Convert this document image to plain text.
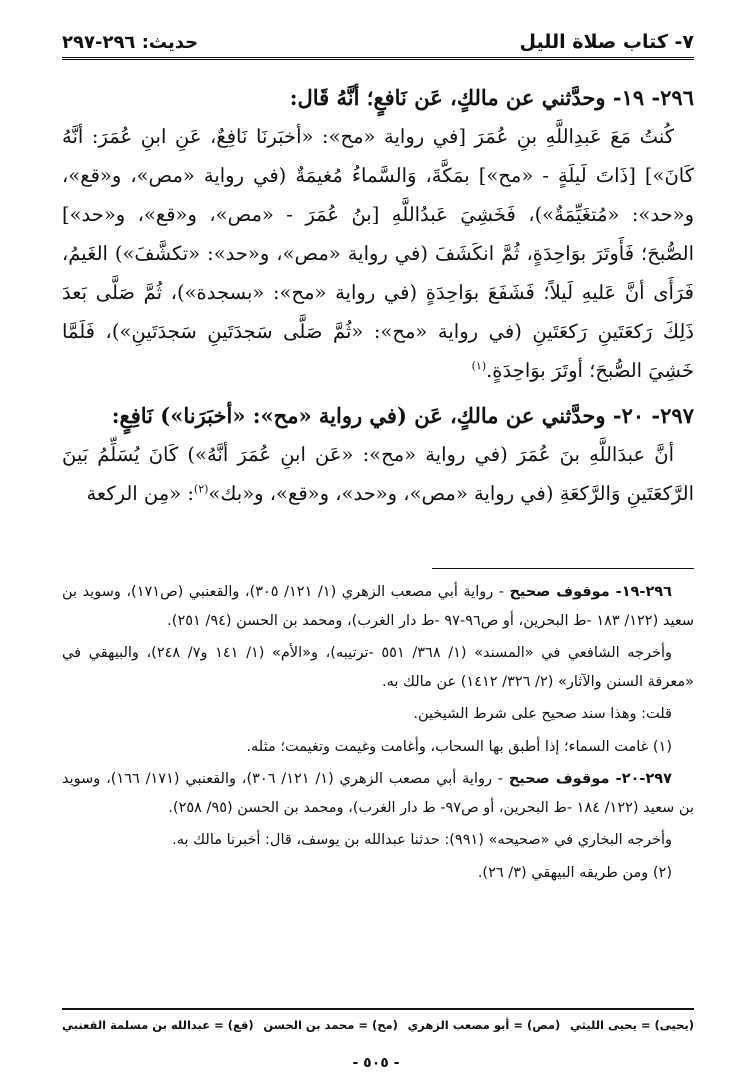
٧- كتاب صلاة الليل
حديث: ٢٩٦-٢٩٧

٢٩٦- ١٩- وحدَّثني عن مالكٍ، عَن نَافعٍ؛ أنَّهُ قَال:

كُنتُ مَعَ عَبدِاللَّهِ بنِ عُمَرَ [في رواية «مح»: «أخبَرنَا نَافِعٌ، عَنِ ابنِ عُمَرَ: أنَّهُ كَانَ»] [ذَاتَ لَيلَةٍ - «مح»] بمَكَّةَ، وَالسَّماءُ مُغيمَةٌ (في رواية «مص»، و«قع»، و«حد»: «مُتغَيِّمَةٌ»)، فَخَشِيَ عَبدُاللَّهِ [بنُ عُمَرَ - «مص»، و«قع»، و«حد»] الصُّبحَ؛ فَأَوتَرَ بوَاحِدَةٍ، ثُمَّ انكَشَفَ (في رواية «مص»، و«حد»: «تكشَّفَ») الغَيمُ، فَرَأَى أنَّ عَليهِ لَيلاً؛ فَشَفَعَ بوَاحِدَةٍ (في رواية «مح»: «بسجدة»)، ثُمَّ صَلَّى بَعدَ ذَلِكَ رَكعَتَينِ رَكعَتَينِ (في رواية «مح»: «ثُمَّ صَلَّى سَجدَتَينِ سَجدَتَينِ»)، فَلَمَّا خَشِيَ الصُّبحَ؛ أوتَرَ بوَاحِدَةٍ.$^{(١)}$

٢٩٧- ٢٠- وحدَّثني عن مالكٍ، عَن (في رواية «مح»: «أخبَرَنا») نَافِعٍ:

أنَّ عبدَاللَّهِ بنَ عُمَرَ (في رواية «مح»: «عَن ابنِ عُمَرَ أنَّهُ») كَانَ يُسَلِّمُ بَينَ الرَّكعَتَينِ وَالرَّكعَةِ (في رواية «مص»، و«حد»، و«قع»، و«بك»$^{(٢)}$: «مِن الركعة

٢٩٦-١٩- موقوف صحيح - رواية أبي مصعب الزهري (١/ ١٢١/ ٣٠٥)، والقعنبي (ص١٧١)، وسويد بن سعيد (١٢٢/ ١٨٣ -ط البحرين، أو ص٩٦-٩٧ -ط دار الغرب)، ومحمد بن الحسن (٩٤/ ٢٥١).

وأخرجه الشافعي في «المسند» (١/ ٣٦٨/ ٥٥١ -ترتيبه)، و«الأم» (١/ ١٤١ و٧/ ٢٤٨)، والبيهقي في «معرفة السنن والآثار» (٢/ ٣٢٦/ ١٤١٢) عن مالك به.

قلت: وهذا سند صحيح على شرط الشيخين.

(١) غامت السماء؛ إذا أطبق بها السحاب، وأغامت وغيمت وتغيمت؛ مثله.

٢٩٧-٢٠- موقوف صحيح - رواية أبي مصعب الزهري (١/ ١٢١/ ٣٠٦)، والقعنبي (١٧١/ ١٦٦)، وسويد بن سعيد (١٢٢/ ١٨٤ -ط البحرين، أو ص٩٧- ط دار الغرب)، ومحمد بن الحسن (٩٥/ ٢٥٨).

وأخرجه البخاري في «صحيحه» (٩٩١): حدثنا عبدالله بن يوسف، قال: أخبرنا مالك به.

(٢) ومن طريقه البيهقي (٣/ ٢٦).

(يحيى) = يحيى الليثي
(مص) = أبو مصعب الزهري
(مح) = محمد بن الحسن
(قع) = عبدالله بن مسلمة القعنبي
- ٥٠٥ -
